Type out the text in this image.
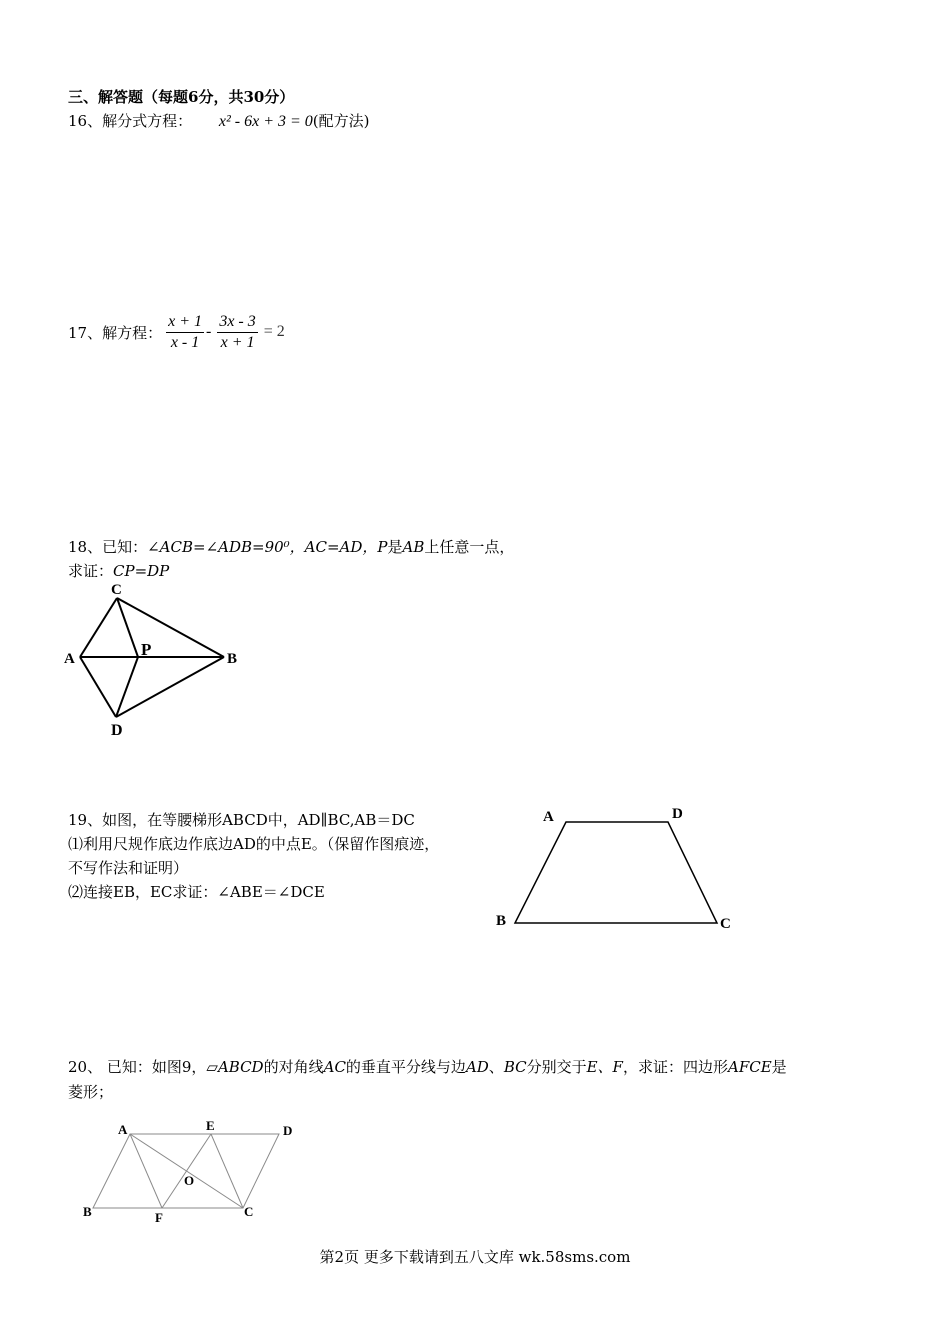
三、解答题（每题6分，共30分）
16、解分式方程： x² - 6x + 3 = 0(配方法)
17、解方程： $\frac{x + 1}{x - 1} - \frac{3x - 3}{x + 1} = 2$
18、已知：∠ACB=∠ADB=90⁰，AC=AD，P是AB上任意一点，
求证：CP=DP
C
A	P	B
D
19、如图，在等腰梯形ABCD中，AD∥BC,AB＝DC
⑴利用尺规作底边作底边AD的中点E。（保留作图痕迹，
不写作法和证明）
⑵连接EB，EC求证：∠ABE＝∠DCE
A	D
B	C
20、 已知：如图9，▱ABCD的对角线AC的垂直平分线与边AD、BC分别交于E、F，求证：四边形AFCE是
菱形；
A	E	D
O
B	F	C
第2页 更多下载请到五八文库 wk.58sms.com
